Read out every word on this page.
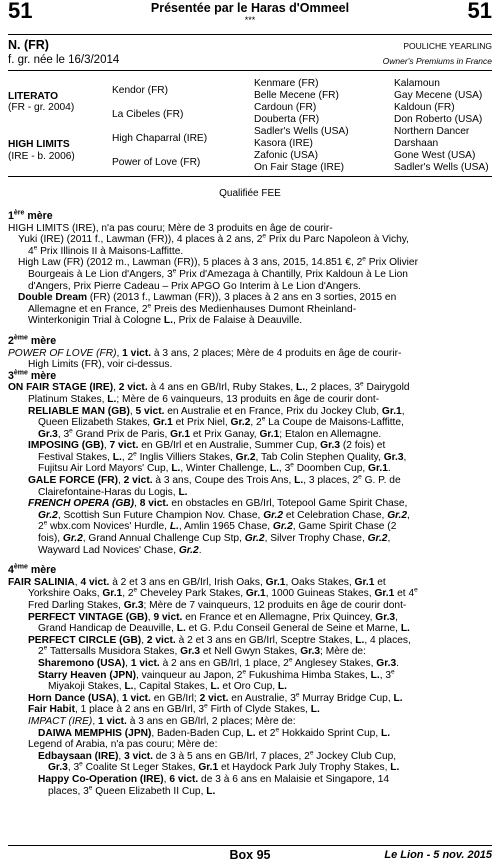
51	51
Présentée par le Haras d'Ommeel
***
N. (FR)
f. gr. née le 16/3/2014
POULICHE YEARLING
Owner's Premiums in France
LITERATO
(FR - gr. 2004)
HIGH LIMITS
(IRE - b. 2006)
Kendor (FR)
La Cibeles (FR)
High Chaparral (IRE)
Power of Love (FR)
Kenmare (FR)
Belle Mecene (FR)
Cardoun (FR)
Douberta (FR)
Sadler's Wells (USA)
Kasora (IRE)
Zafonic (USA)
On Fair Stage (IRE)
Kalamoun
Gay Mecene (USA)
Kaldoun (FR)
Don Roberto (USA)
Northern Dancer
Darshaan
Gone West (USA)
Sadler's Wells (USA)
Qualifiée FEE

1ère mère

HIGH LIMITS (IRE), n'a pas couru; Mère de 3 produits en âge de courir-

Yuki (IRE) (2011 f., Lawman (FR)), 4 places à 2 ans, 2e Prix du Parc Napoleon à Vichy,

4e Prix Illinois II à Maisons-Laffitte.

High Law (FR) (2012 m., Lawman (FR)), 5 places à 3 ans, 2015, 14.851 €, 2e Prix Olivier

Bourgeais à Le Lion d'Angers, 3e Prix d'Amezaga à Chantilly, Prix Kaldoun à Le Lion

d'Angers, Prix Pierre Cadeau – Prix APGO Go Interim à Le Lion d'Angers.

Double Dream (FR) (2013 f., Lawman (FR)), 3 places à 2 ans en 3 sorties, 2015 en

Allemagne et en France, 2e Preis des Medienhauses Dumont Rheinland-

Winterkonigin Trial à Cologne L., Prix de Falaise à Deauville.

2ème mère

POWER OF LOVE (FR), 1 vict. à 3 ans, 2 places; Mère de 4 produits en âge de courir-

High Limits (FR), voir ci-dessus.

3ème mère

ON FAIR STAGE (IRE), 2 vict. à 4 ans en GB/Irl, Ruby Stakes, L., 2 places, 3e Dairygold

Platinum Stakes, L.; Mère de 6 vainqueurs, 13 produits en âge de courir dont-

RELIABLE MAN (GB), 5 vict. en Australie et en France, Prix du Jockey Club, Gr.1,

Queen Elizabeth Stakes, Gr.1 et Prix Niel, Gr.2, 2e La Coupe de Maisons-Laffitte,

Gr.3, 3e Grand Prix de Paris, Gr.1 et Prix Ganay, Gr.1; Etalon en Allemagne.

IMPOSING (GB), 7 vict. en GB/Irl et en Australie, Summer Cup, Gr.3 (2 fois) et

Festival Stakes, L., 2e Inglis Villiers Stakes, Gr.2, Tab Colin Stephen Quality, Gr.3,

Fujitsu Air Lord Mayors' Cup, L., Winter Challenge, L., 3e Doomben Cup, Gr.1.

GALE FORCE (FR), 2 vict. à 3 ans, Coupe des Trois Ans, L., 3 places, 2e G. P. de

Clairefontaine-Haras du Logis, L.

FRENCH OPERA (GB), 8 vict. en obstacles en GB/Irl, Totepool Game Spirit Chase,

Gr.2, Scottish Sun Future Champion Nov. Chase, Gr.2 et Celebration Chase, Gr.2,

2e wbx.com Novices' Hurdle, L., Amlin 1965 Chase, Gr.2, Game Spirit Chase (2

fois), Gr.2, Grand Annual Challenge Cup Stp, Gr.2, Silver Trophy Chase, Gr.2,

Wayward Lad Novices' Chase, Gr.2.

4ème mère

FAIR SALINIA, 4 vict. à 2 et 3 ans en GB/Irl, Irish Oaks, Gr.1, Oaks Stakes, Gr.1 et

Yorkshire Oaks, Gr.1, 2e Cheveley Park Stakes, Gr.1, 1000 Guineas Stakes, Gr.1 et 4e

Fred Darling Stakes, Gr.3; Mère de 7 vainqueurs, 12 produits en âge de courir dont-

PERFECT VINTAGE (GB), 9 vict. en France et en Allemagne, Prix Quincey, Gr.3,

Grand Handicap de Deauville, L. et G. P.du Conseil General de Seine et Marne, L.

PERFECT CIRCLE (GB), 2 vict. à 2 et 3 ans en GB/Irl, Sceptre Stakes, L., 4 places,

2e Tattersalls Musidora Stakes, Gr.3 et Nell Gwyn Stakes, Gr.3; Mère de:

Sharemono (USA), 1 vict. à 2 ans en GB/Irl, 1 place, 2e Anglesey Stakes, Gr.3.

Starry Heaven (JPN), vainqueur au Japon, 2e Fukushima Himba Stakes, L., 3e

Miyakoji Stakes, L., Capital Stakes, L. et Oro Cup, L.

Horn Dance (USA), 1 vict. en GB/Irl; 2 vict. en Australie, 3e Murray Bridge Cup, L.

Fair Habit, 1 place à 2 ans en GB/Irl, 3e Firth of Clyde Stakes, L.

IMPACT (IRE), 1 vict. à 3 ans en GB/Irl, 2 places; Mère de:

DAIWA MEMPHIS (JPN), Baden-Baden Cup, L. et 2e Hokkaido Sprint Cup, L.

Legend of Arabia, n'a pas couru; Mère de:

Edbaysaan (IRE), 3 vict. de 3 à 5 ans en GB/Irl, 7 places, 2e Jockey Club Cup,

Gr.3, 3e Coalite St Leger Stakes, Gr.1 et Haydock Park July Trophy Stakes, L.

Happy Co-Operation (IRE), 6 vict. de 3 à 6 ans en Malaisie et Singapore, 14

places, 3e Queen Elizabeth II Cup, L.

Box 95	Le Lion - 5 nov. 2015
